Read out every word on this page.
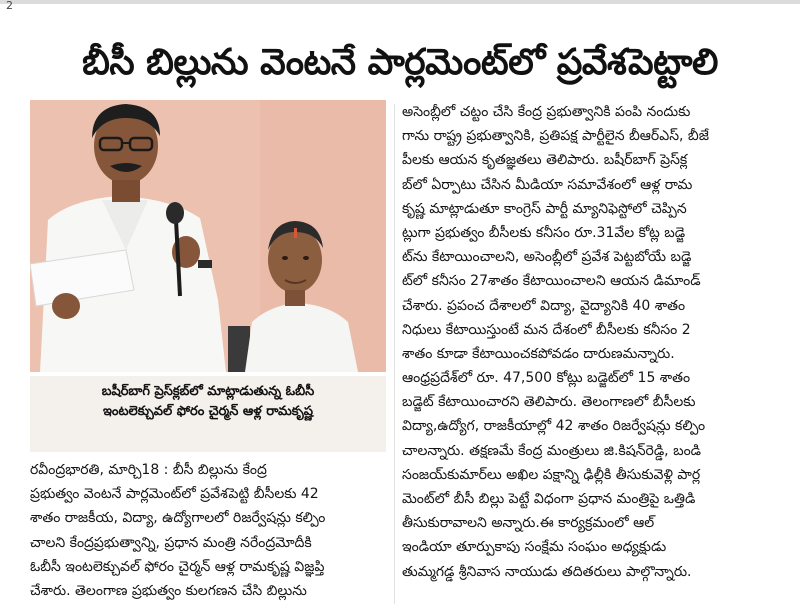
2
బీసీ బిల్లును వెంటనే పార్లమెంట్‌లో ప్రవేశపెట్టాలి
బషీర్‌బాగ్ ప్రెస్‌క్లబ్‌లో మాట్లాడుతున్న ఓబీసీ
ఇంటలెక్చువల్ ఫోరం చైర్మన్ ఆళ్ల రామకృష్ణ
రవీంద్రభారతి, మార్చి18 : బీసీ బిల్లును కేంద్ర
ప్రభుత్వం వెంటనే పార్లమెంట్‌లో ప్రవేశపెట్టి బీసీలకు 42
శాతం రాజకీయ, విద్యా, ఉద్యోగాలలో రిజర్వేషన్లు కల్పిం
చాలని కేంద్రప్రభుత్వాన్ని, ప్రధాన మంత్రి నరేంద్రమోదీకి
ఓబీసీ ఇంటలెక్చువల్ ఫోరం చైర్మన్ ఆళ్ల రామకృష్ణ విజ్ఞప్తి
చేశారు. తెలంగాణ ప్రభుత్వం కులగణన చేసి బిల్లును
అసెంబ్లీలో చట్టం చేసి కేంద్ర ప్రభుత్వానికి పంపి నందుకు
గాను రాష్ట్ర ప్రభుత్వానికి, ప్రతిపక్ష పార్టీలైన బీఆర్ఎస్, బీజే
పీలకు ఆయన కృతజ్ఞతలు తెలిపారు. బషీర్‌బాగ్ ప్రెస్‌క్ల
బ్‌లో ఏర్పాటు చేసిన మీడియా సమావేశంలో ఆళ్ల రామ
కృష్ణ మాట్లాడుతూ కాంగ్రెస్ పార్టీ మ్యానిఫెస్టోలో చెప్పిన
ట్లుగా ప్రభుత్వం బీసీలకు కనీసం రూ.31వేల కోట్ల బడ్జె
ట్‌ను కేటాయించాలని, అసెంబ్లీలో ప్రవేశ పెట్టబోయే బడ్జె
ట్‌లో కనీసం 27శాతం కేటాయించాలని ఆయన డిమాండ్
చేశారు. ప్రపంచ దేశాలలో విద్యా, వైద్యానికి 40 శాతం
నిధులు కేటాయిస్తుంటే మన దేశంలో బీసీలకు కనీసం 2
శాతం కూడా కేటాయించకపోవడం దారుణమన్నారు.
ఆంధ్రప్రదేశ్‌లో రూ. 47,500 కోట్లు బడ్జెట్‌లో 15 శాతం
బడ్జెట్ కేటాయించారని తెలిపారు. తెలంగాణలో బీసీలకు
విద్యా,ఉద్యోగ, రాజకీయాల్లో 42 శాతం రిజర్వేషన్లు కల్పిం
చాలన్నారు. తక్షణమే కేంద్ర మంత్రులు జి.కిషన్‌రెడ్డి, బండి
సంజయ్‌కుమార్‌లు అఖిల పక్షాన్ని ఢిల్లీకి తీసుకువెళ్లి పార్ల
మెంట్‌లో బీసీ బిల్లు పెట్టే విధంగా ప్రధాన మంత్రిపై ఒత్తిడి
తీసుకురావాలని అన్నారు.ఈ కార్యక్రమంలో ఆల్
ఇండియా తూర్పుకాపు సంక్షేమ సంఘం అధ్యక్షుడు
తుమ్మగడ్డ శ్రీనివాస నాయుడు తదితరులు పాల్గొన్నారు.
